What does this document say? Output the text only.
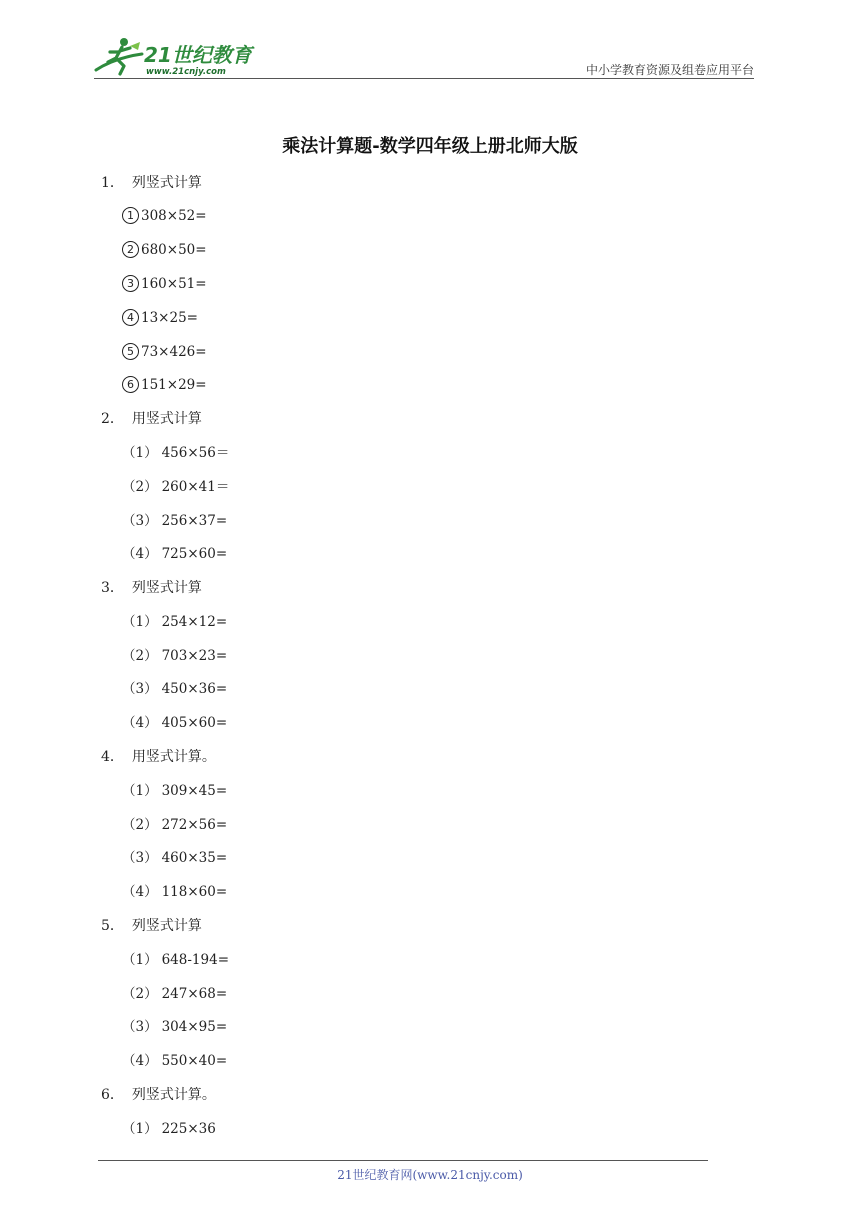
21世纪教育
www.21cnjy.com	中小学教育资源及组卷应用平台
乘法计算题-数学四年级上册北师大版
1． 列竖式计算
1 308×52=
2 680×50=
3 160×51=
4 13×25=
5 73×426=
6 151×29=
2． 用竖式计算
（1） 456×56＝
（2） 260×41＝
（3） 256×37=
（4） 725×60=
3． 列竖式计算
（1） 254×12=
（2） 703×23=
（3） 450×36=
（4） 405×60=
4． 用竖式计算。
（1） 309×45=
（2） 272×56=
（3） 460×35=
（4） 118×60=
5． 列竖式计算
（1） 648-194=
（2） 247×68=
（3） 304×95=
（4） 550×40=
6． 列竖式计算。
（1） 225×36
21世纪教育网(www.21cnjy.com)
